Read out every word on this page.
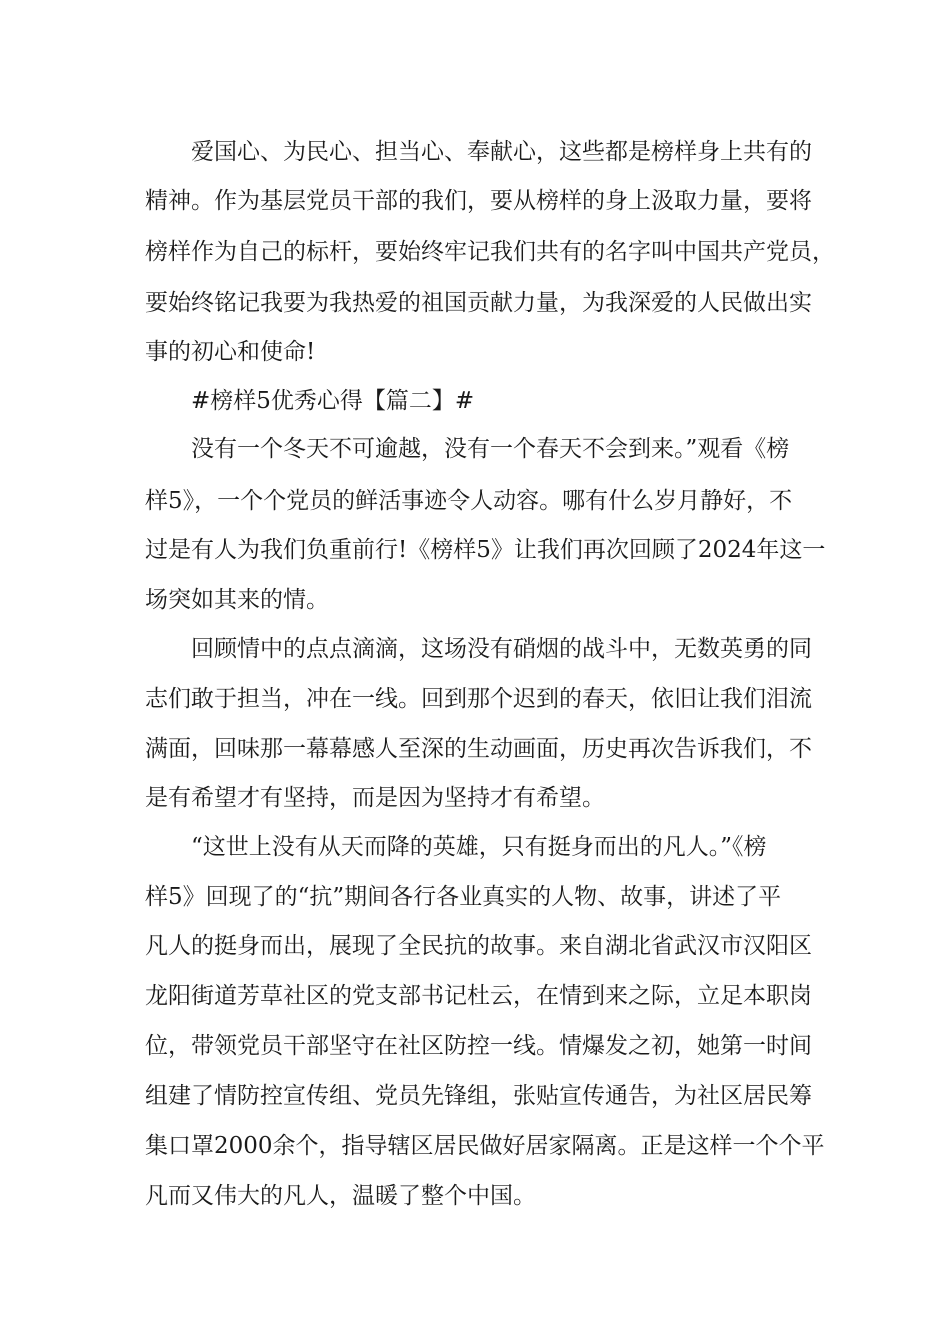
爱国心、为民心、担当心、奉献心，这些都是榜样身上共有的

精神。作为基层党员干部的我们，要从榜样的身上汲取力量，要将

榜样作为自己的标杆，要始终牢记我们共有的名字叫中国共产党员，

要始终铭记我要为我热爱的祖国贡献力量，为我深爱的人民做出实

事的初心和使命!

#榜样5优秀心得【篇二】#

没有一个冬天不可逾越，没有一个春天不会到来。”观看《榜

样5》，一个个党员的鲜活事迹令人动容。哪有什么岁月静好，不

过是有人为我们负重前行!《榜样5》让我们再次回顾了2024年这一

场突如其来的情。

回顾情中的点点滴滴，这场没有硝烟的战斗中，无数英勇的同

志们敢于担当，冲在一线。回到那个迟到的春天，依旧让我们泪流

满面，回味那一幕幕感人至深的生动画面，历史再次告诉我们，不

是有希望才有坚持，而是因为坚持才有希望。

“这世上没有从天而降的英雄，只有挺身而出的凡人。”《榜

样5》回现了的“抗”期间各行各业真实的人物、故事，讲述了平

凡人的挺身而出，展现了全民抗的故事。来自湖北省武汉市汉阳区

龙阳街道芳草社区的党支部书记杜云，在情到来之际，立足本职岗

位，带领党员干部坚守在社区防控一线。情爆发之初，她第一时间

组建了情防控宣传组、党员先锋组，张贴宣传通告，为社区居民筹

集口罩2000余个，指导辖区居民做好居家隔离。正是这样一个个平

凡而又伟大的凡人，温暖了整个中国。
